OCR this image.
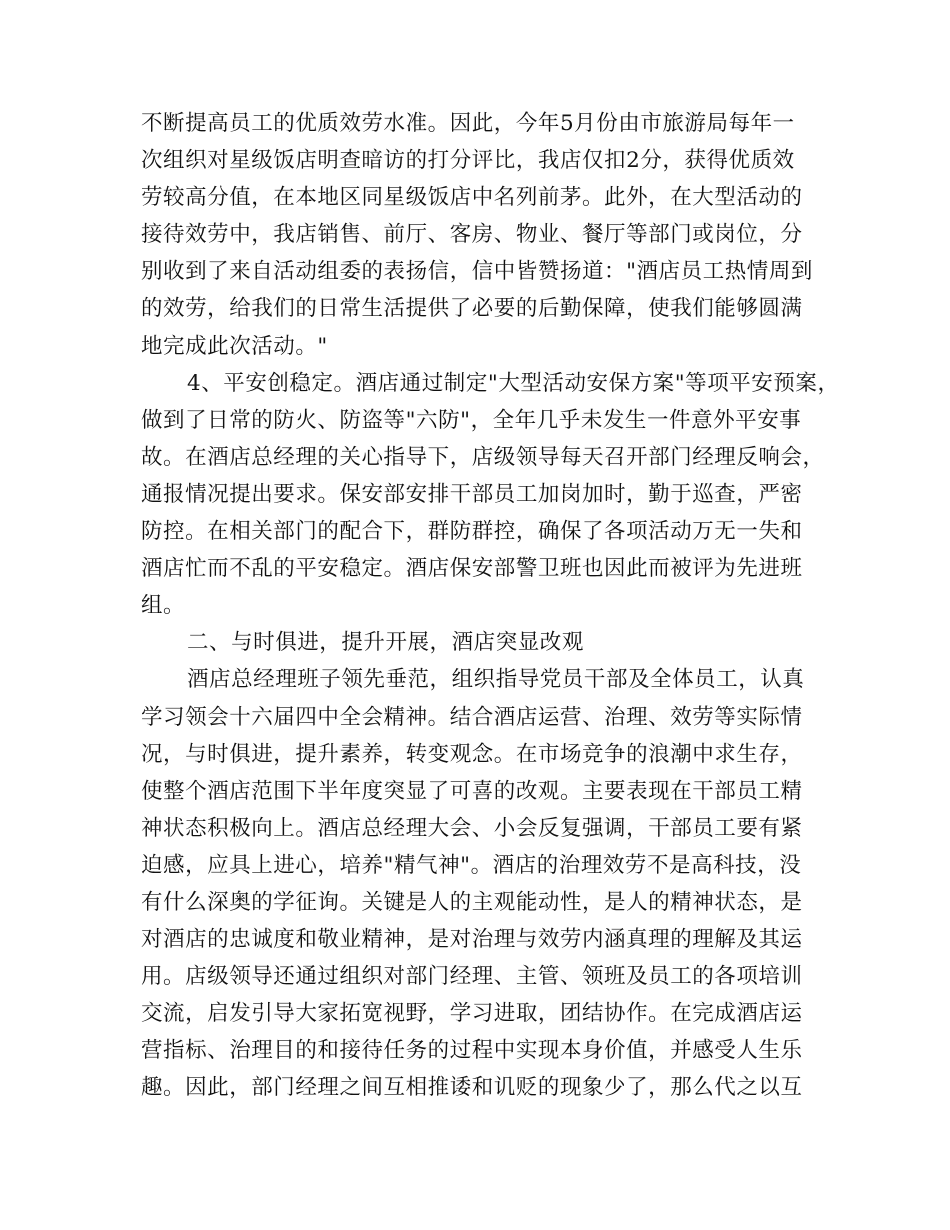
不断提高员工的优质效劳水准。因此，今年5月份由市旅游局每年一
次组织对星级饭店明查暗访的打分评比，我店仅扣2分，获得优质效
劳较高分值，在本地区同星级饭店中名列前茅。此外，在大型活动的
接待效劳中，我店销售、前厅、客房、物业、餐厅等部门或岗位，分
别收到了来自活动组委的表扬信，信中皆赞扬道："酒店员工热情周到
的效劳，给我们的日常生活提供了必要的后勤保障，使我们能够圆满
地完成此次活动。"
4、平安创稳定。酒店通过制定"大型活动安保方案"等项平安预案，
做到了日常的防火、防盗等"六防"，全年几乎未发生一件意外平安事
故。在酒店总经理的关心指导下，店级领导每天召开部门经理反响会，
通报情况提出要求。保安部安排干部员工加岗加时，勤于巡查，严密
防控。在相关部门的配合下，群防群控，确保了各项活动万无一失和
酒店忙而不乱的平安稳定。酒店保安部警卫班也因此而被评为先进班
组。
二、与时俱进，提升开展，酒店突显改观
酒店总经理班子领先垂范，组织指导党员干部及全体员工，认真
学习领会十六届四中全会精神。结合酒店运营、治理、效劳等实际情
况，与时俱进，提升素养，转变观念。在市场竞争的浪潮中求生存，
使整个酒店范围下半年度突显了可喜的改观。主要表现在干部员工精
神状态积极向上。酒店总经理大会、小会反复强调，干部员工要有紧
迫感，应具上进心，培养"精气神"。酒店的治理效劳不是高科技，没
有什么深奥的学征询。关键是人的主观能动性，是人的精神状态，是
对酒店的忠诚度和敬业精神，是对治理与效劳内涵真理的理解及其运
用。店级领导还通过组织对部门经理、主管、领班及员工的各项培训
交流，启发引导大家拓宽视野，学习进取，团结协作。在完成酒店运
营指标、治理目的和接待任务的过程中实现本身价值，并感受人生乐
趣。因此，部门经理之间互相推诿和讥贬的现象少了，那么代之以互
